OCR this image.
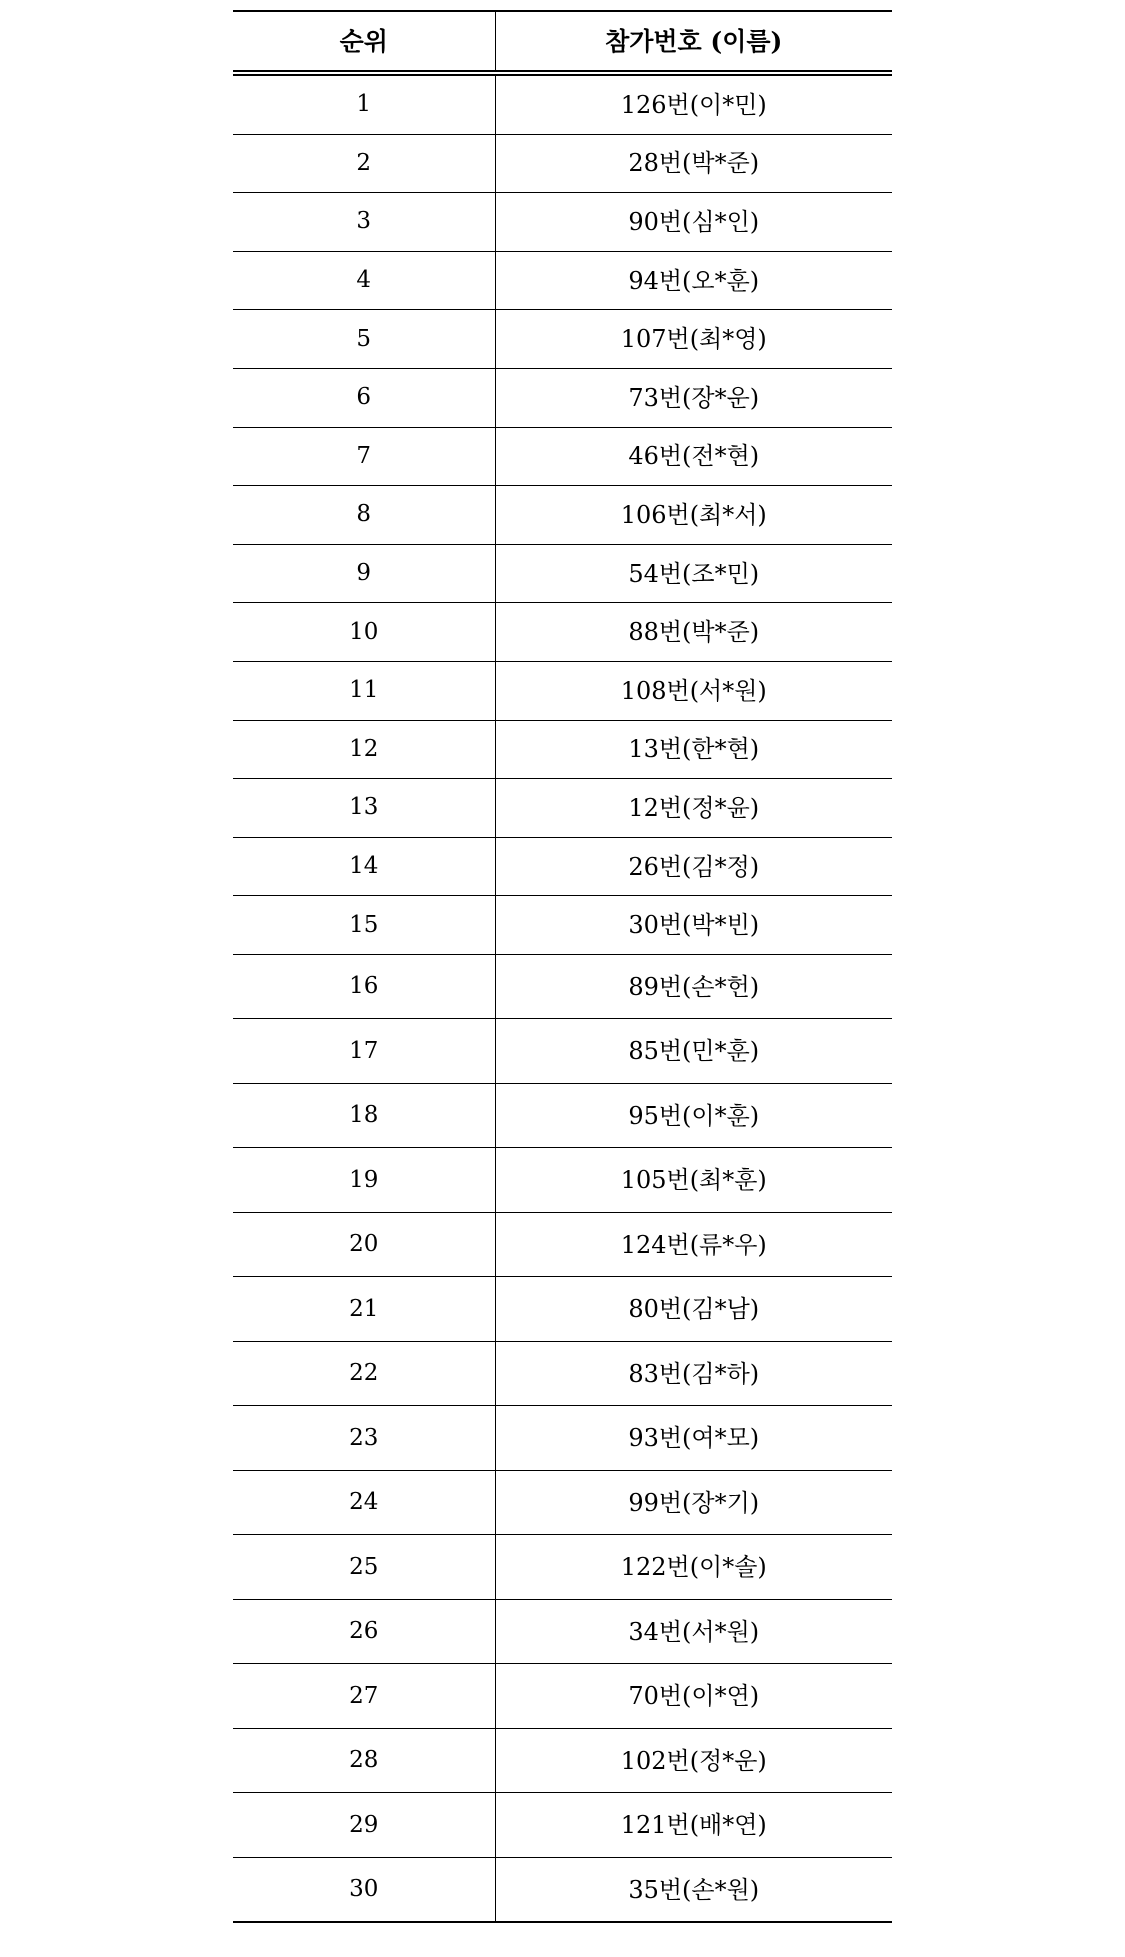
순위	참가번호 (이름)
1	126번(이*민)
2	28번(박*준)
3	90번(심*인)
4	94번(오*훈)
5	107번(최*영)
6	73번(장*운)
7	46번(전*현)
8	106번(최*서)
9	54번(조*민)
10	88번(박*준)
11	108번(서*원)
12	13번(한*현)
13	12번(정*윤)
14	26번(김*정)
15	30번(박*빈)
16	89번(손*헌)
17	85번(민*훈)
18	95번(이*훈)
19	105번(최*훈)
20	124번(류*우)
21	80번(김*남)
22	83번(김*하)
23	93번(여*모)
24	99번(장*기)
25	122번(이*솔)
26	34번(서*원)
27	70번(이*연)
28	102번(정*운)
29	121번(배*연)
30	35번(손*원)
